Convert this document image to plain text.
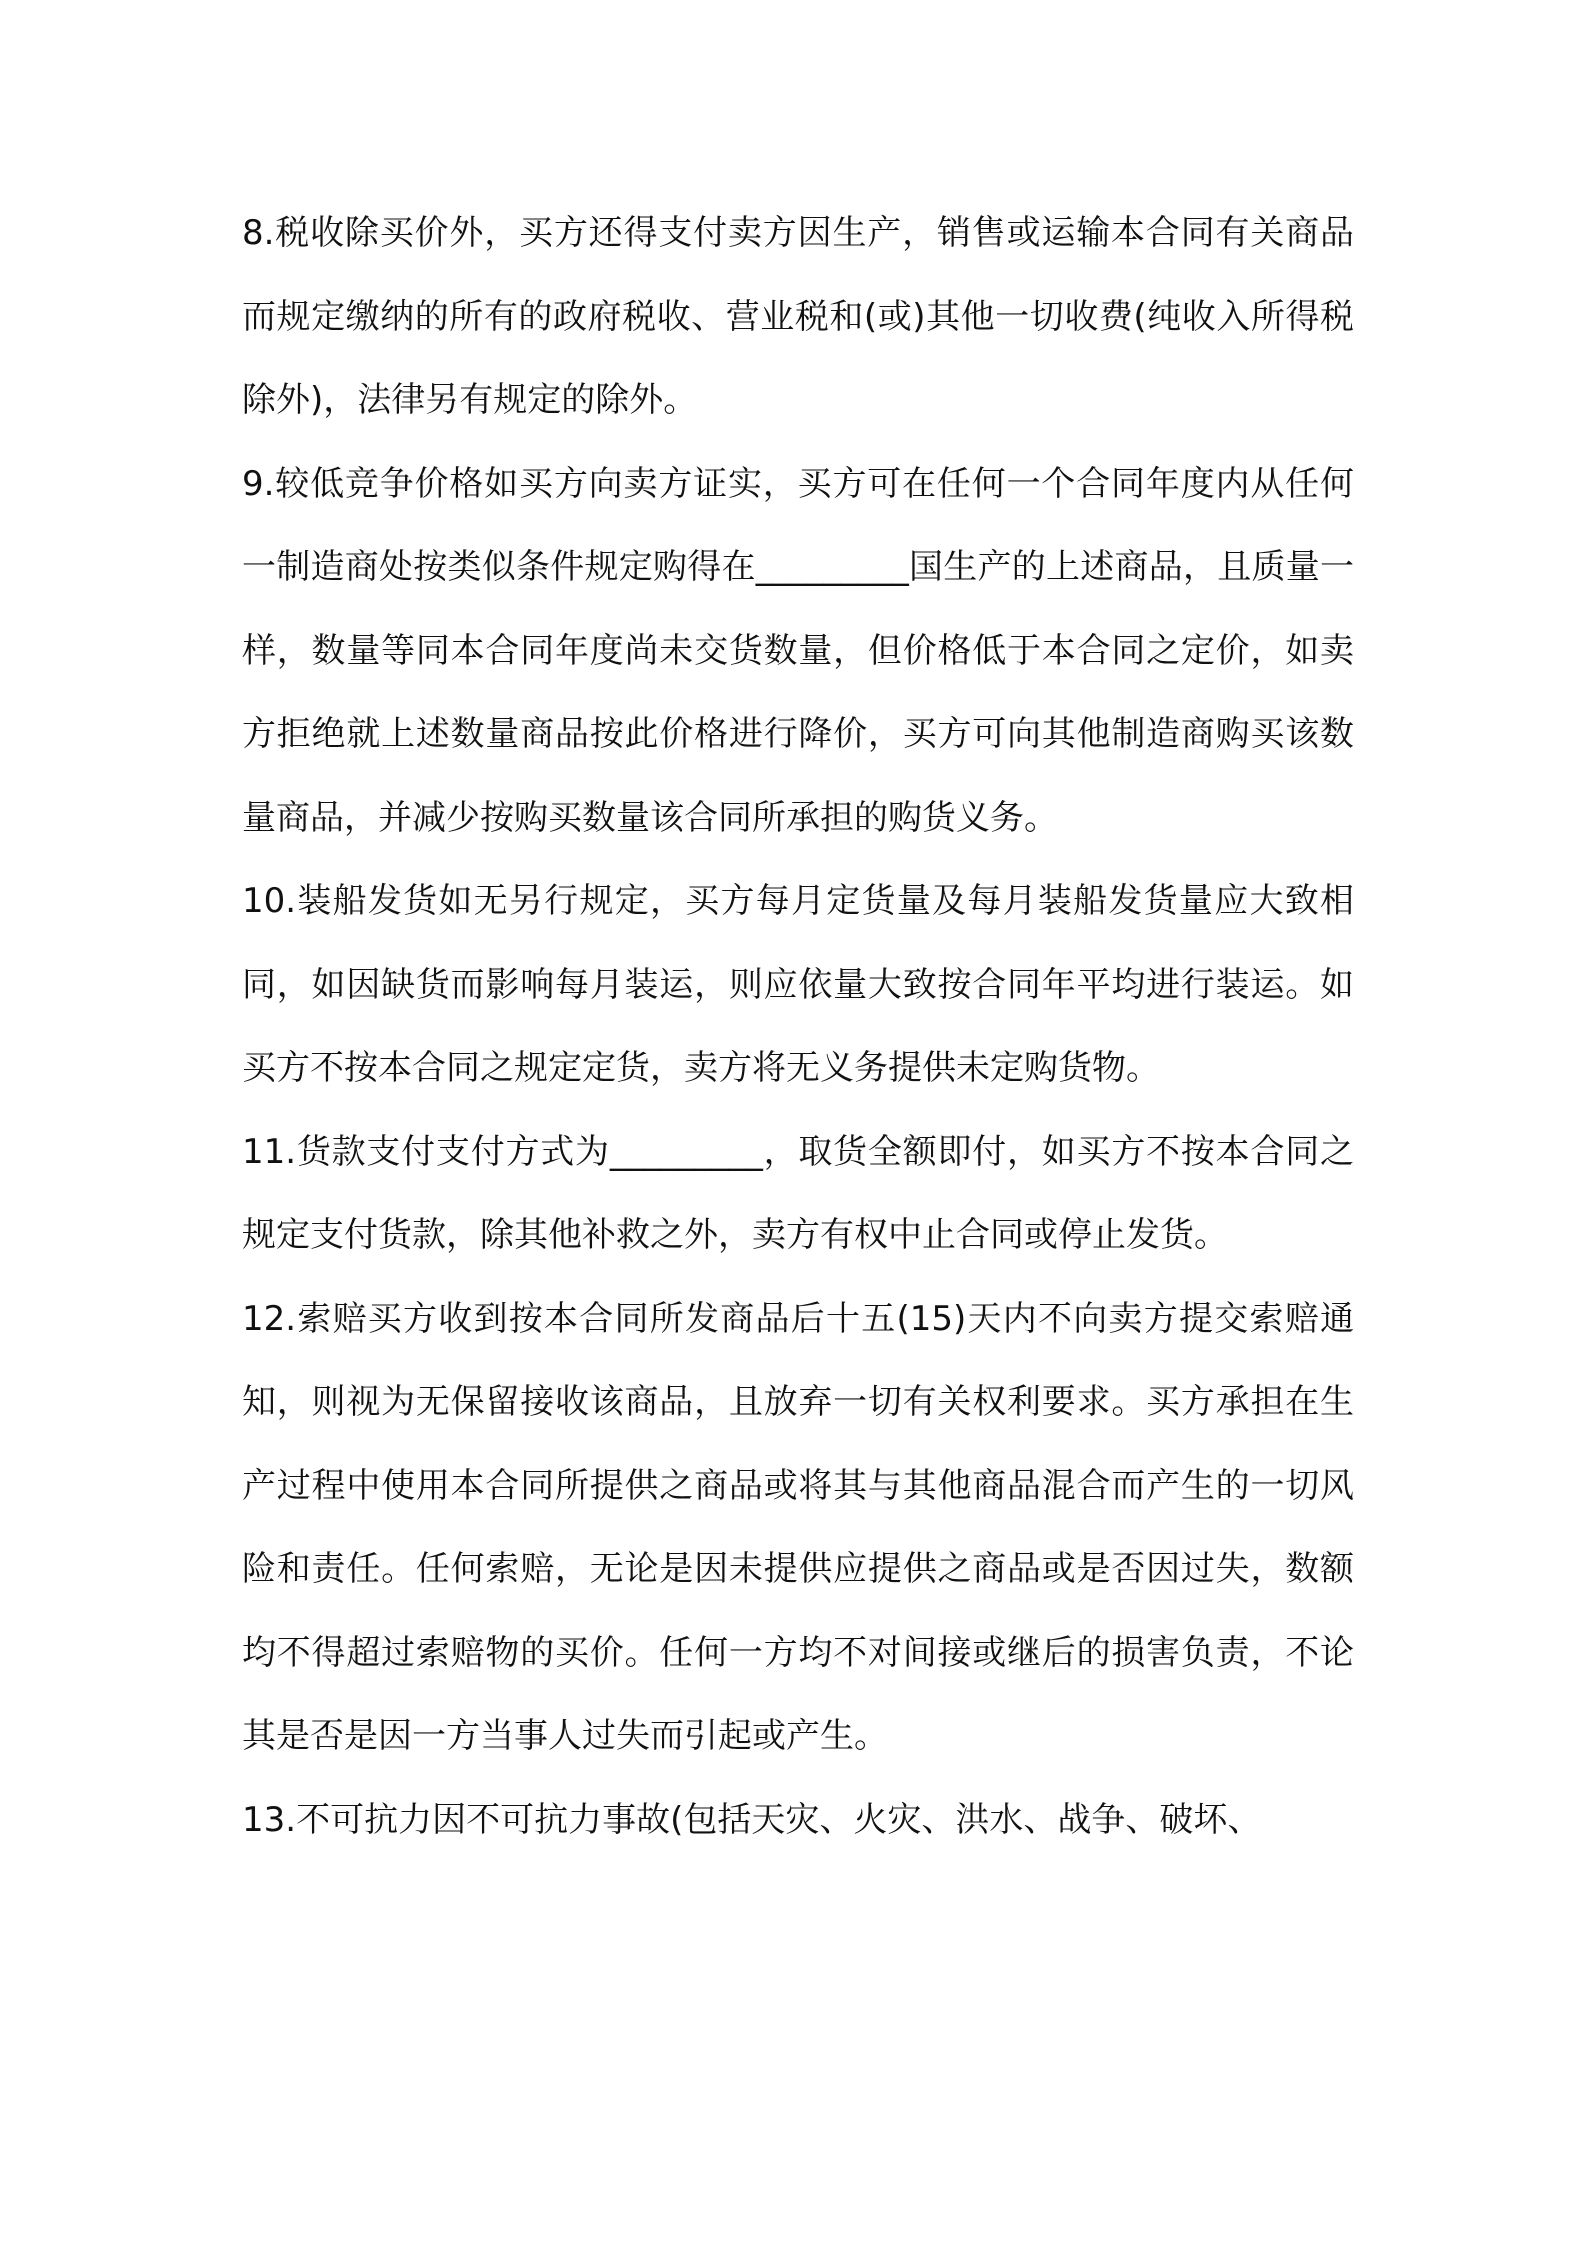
8.税收除买价外，买方还得支付卖方因生产，销售或运输本合同有关商品而规定缴纳的所有的政府税收、营业税和(或)其他一切收费(纯收入所得税除外)，法律另有规定的除外。

9.较低竞争价格如买方向卖方证实，买方可在任何一个合同年度内从任何一制造商处按类似条件规定购得在_________国生产的上述商品，且质量一样，数量等同本合同年度尚未交货数量，但价格低于本合同之定价，如卖方拒绝就上述数量商品按此价格进行降价，买方可向其他制造商购买该数量商品，并减少按购买数量该合同所承担的购货义务。

10.装船发货如无另行规定，买方每月定货量及每月装船发货量应大致相同，如因缺货而影响每月装运，则应依量大致按合同年平均进行装运。如买方不按本合同之规定定货，卖方将无义务提供未定购货物。

11.货款支付支付方式为_________，取货全额即付，如买方不按本合同之规定支付货款，除其他补救之外，卖方有权中止合同或停止发货。

12.索赔买方收到按本合同所发商品后十五(15)天内不向卖方提交索赔通知，则视为无保留接收该商品，且放弃一切有关权利要求。买方承担在生产过程中使用本合同所提供之商品或将其与其他商品混合而产生的一切风险和责任。任何索赔，无论是因未提供应提供之商品或是否因过失，数额均不得超过索赔物的买价。任何一方均不对间接或继后的损害负责，不论其是否是因一方当事人过失而引起或产生。

13.不可抗力因不可抗力事故(包括天灾、火灾、洪水、战争、破坏、
